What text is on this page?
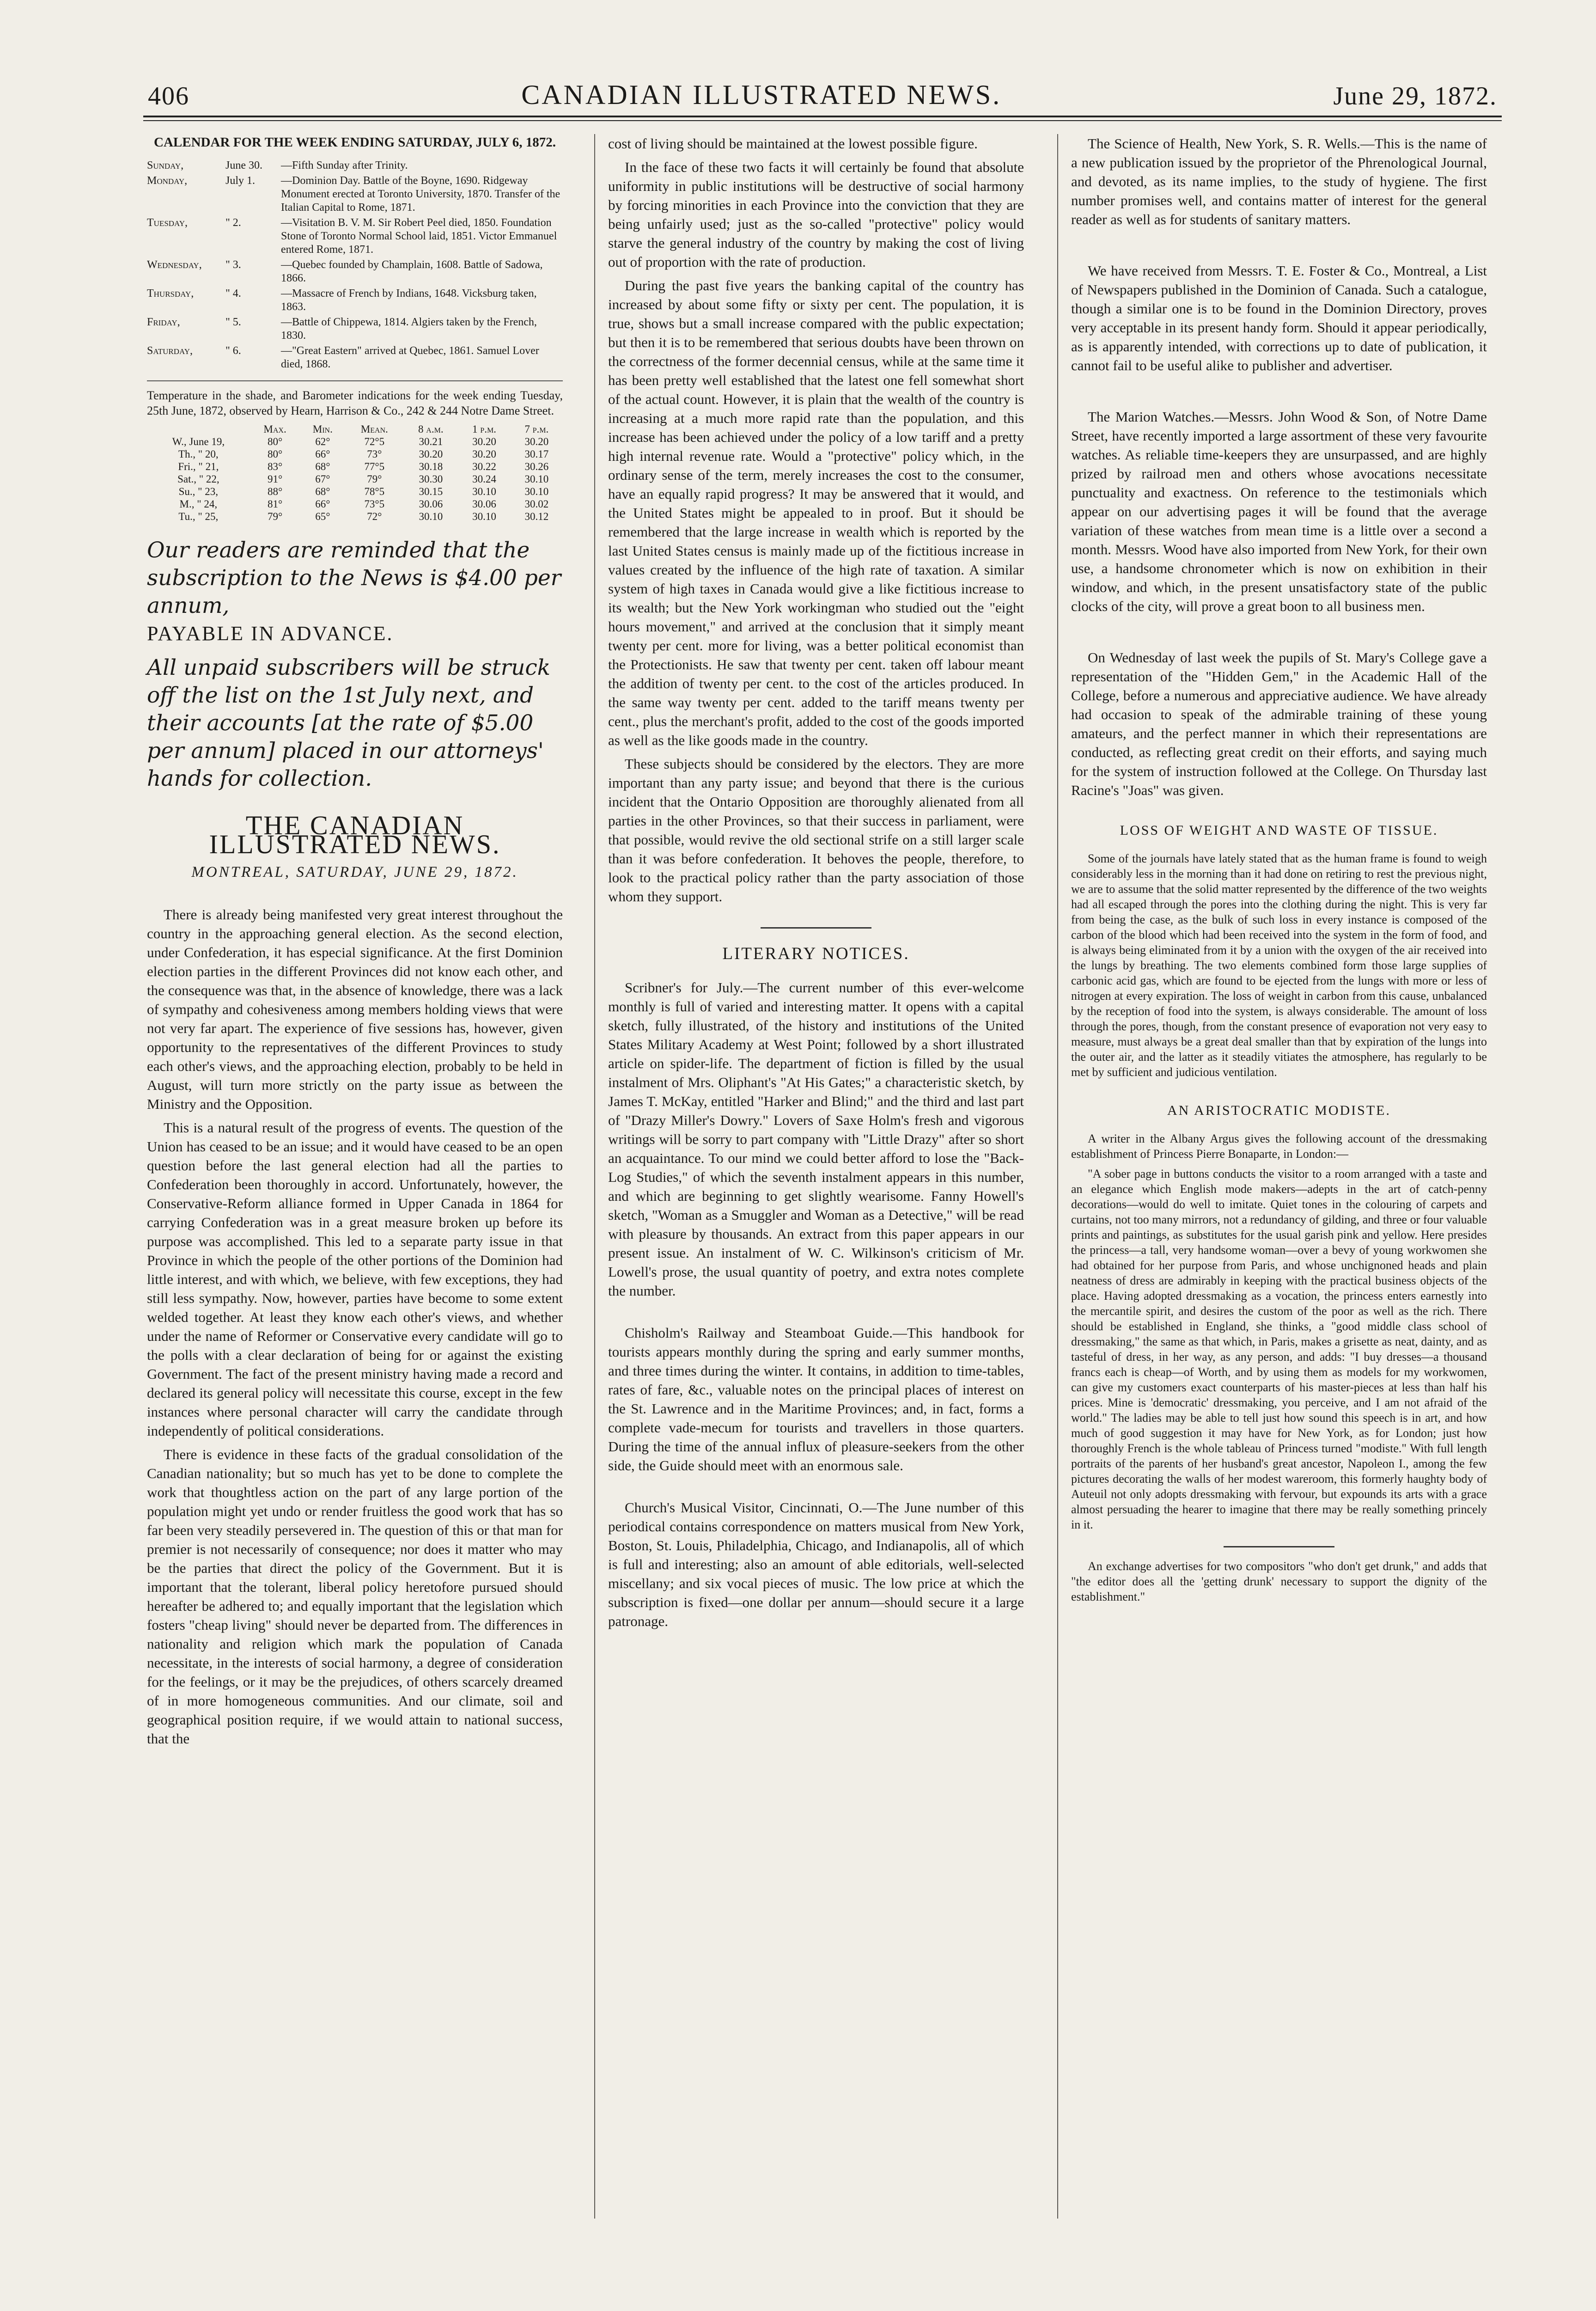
406	CANADIAN ILLUSTRATED NEWS.	June 29, 1872.
CALENDAR FOR THE WEEK ENDING SATURDAY, JULY 6, 1872.
Sunday,	June 30.	—Fifth Sunday after Trinity.
Monday,	July 1.	—Dominion Day. Battle of the Boyne, 1690. Ridgeway Monument erected at Toronto University, 1870. Transfer of the Italian Capital to Rome, 1871.
Tuesday,	" 2.	—Visitation B. V. M. Sir Robert Peel died, 1850. Foundation Stone of Toronto Normal School laid, 1851. Victor Emmanuel entered Rome, 1871.
Wednesday,	" 3.	—Quebec founded by Champlain, 1608. Battle of Sadowa, 1866.
Thursday,	" 4.	—Massacre of French by Indians, 1648. Vicksburg taken, 1863.
Friday,	" 5.	—Battle of Chippewa, 1814. Algiers taken by the French, 1830.
Saturday,	" 6.	—"Great Eastern" arrived at Quebec, 1861. Samuel Lover died, 1868.

Temperature in the shade, and Barometer indications for the week ending Tuesday, 25th June, 1872, observed by Hearn, Harrison & Co., 242 & 244 Notre Dame Street.

	Max.	Min.	Mean.	8 a.m.	1 p.m.	7 p.m.
W., June 19,	80°	62°	72°5	30.21	30.20	30.20
Th., " 20,	80°	66°	73°	30.20	30.20	30.17
Fri., " 21,	83°	68°	77°5	30.18	30.22	30.26
Sat., " 22,	91°	67°	79°	30.30	30.24	30.10
Su., " 23,	88°	68°	78°5	30.15	30.10	30.10
M., " 24,	81°	66°	73°5	30.06	30.06	30.02
Tu., " 25,	79°	65°	72°	30.10	30.10	30.12
Our readers are reminded that the subscription to the News is $4.00 per annum,
PAYABLE IN ADVANCE.
All unpaid subscribers will be struck off the list on the 1st July next, and their accounts [at the rate of $5.00 per annum] placed in our attorneys' hands for collection.
THE CANADIAN ILLUSTRATED NEWS.
MONTREAL, SATURDAY, JUNE 29, 1872.

There is already being manifested very great interest throughout the country in the approaching general election. As the second election, under Confederation, it has especial significance. At the first Dominion election parties in the different Provinces did not know each other, and the consequence was that, in the absence of knowledge, there was a lack of sympathy and cohesiveness among members holding views that were not very far apart. The experience of five sessions has, however, given opportunity to the representatives of the different Provinces to study each other's views, and the approaching election, probably to be held in August, will turn more strictly on the party issue as between the Ministry and the Opposition.

This is a natural result of the progress of events. The question of the Union has ceased to be an issue; and it would have ceased to be an open question before the last general election had all the parties to Confederation been thoroughly in accord. Unfortunately, however, the Conservative-Reform alliance formed in Upper Canada in 1864 for carrying Confederation was in a great measure broken up before its purpose was accomplished. This led to a separate party issue in that Province in which the people of the other portions of the Dominion had little interest, and with which, we believe, with few exceptions, they had still less sympathy. Now, however, parties have become to some extent welded together. At least they know each other's views, and whether under the name of Reformer or Conservative every candidate will go to the polls with a clear declaration of being for or against the existing Government. The fact of the present ministry having made a record and declared its general policy will necessitate this course, except in the few instances where personal character will carry the candidate through independently of political considerations.

There is evidence in these facts of the gradual consolidation of the Canadian nationality; but so much has yet to be done to complete the work that thoughtless action on the part of any large portion of the population might yet undo or render fruitless the good work that has so far been very steadily persevered in. The question of this or that man for premier is not necessarily of consequence; nor does it matter who may be the parties that direct the policy of the Government. But it is important that the tolerant, liberal policy heretofore pursued should hereafter be adhered to; and equally important that the legislation which fosters "cheap living" should never be departed from. The differences in nationality and religion which mark the population of Canada necessitate, in the interests of social harmony, a degree of consideration for the feelings, or it may be the prejudices, of others scarcely dreamed of in more homogeneous communities. And our climate, soil and geographical position require, if we would attain to national success, that the

cost of living should be maintained at the lowest possible figure.

In the face of these two facts it will certainly be found that absolute uniformity in public institutions will be destructive of social harmony by forcing minorities in each Province into the conviction that they are being unfairly used; just as the so-called "protective" policy would starve the general industry of the country by making the cost of living out of proportion with the rate of production.

During the past five years the banking capital of the country has increased by about some fifty or sixty per cent. The population, it is true, shows but a small increase compared with the public expectation; but then it is to be remembered that serious doubts have been thrown on the correctness of the former decennial census, while at the same time it has been pretty well established that the latest one fell somewhat short of the actual count. However, it is plain that the wealth of the country is increasing at a much more rapid rate than the population, and this increase has been achieved under the policy of a low tariff and a pretty high internal revenue rate. Would a "protective" policy which, in the ordinary sense of the term, merely increases the cost to the consumer, have an equally rapid progress? It may be answered that it would, and the United States might be appealed to in proof. But it should be remembered that the large increase in wealth which is reported by the last United States census is mainly made up of the fictitious increase in values created by the influence of the high rate of taxation. A similar system of high taxes in Canada would give a like fictitious increase to its wealth; but the New York workingman who studied out the "eight hours movement," and arrived at the conclusion that it simply meant twenty per cent. more for living, was a better political economist than the Protectionists. He saw that twenty per cent. taken off labour meant the addition of twenty per cent. to the cost of the articles produced. In the same way twenty per cent. added to the tariff means twenty per cent., plus the merchant's profit, added to the cost of the goods imported as well as the like goods made in the country.

These subjects should be considered by the electors. They are more important than any party issue; and beyond that there is the curious incident that the Ontario Opposition are thoroughly alienated from all parties in the other Provinces, so that their success in parliament, were that possible, would revive the old sectional strife on a still larger scale than it was before confederation. It behoves the people, therefore, to look to the practical policy rather than the party association of those whom they support.

LITERARY NOTICES.

Scribner's for July.—The current number of this ever-welcome monthly is full of varied and interesting matter. It opens with a capital sketch, fully illustrated, of the history and institutions of the United States Military Academy at West Point; followed by a short illustrated article on spider-life. The department of fiction is filled by the usual instalment of Mrs. Oliphant's "At His Gates;" a characteristic sketch, by James T. McKay, entitled "Harker and Blind;" and the third and last part of "Drazy Miller's Dowry." Lovers of Saxe Holm's fresh and vigorous writings will be sorry to part company with "Little Drazy" after so short an acquaintance. To our mind we could better afford to lose the "Back-Log Studies," of which the seventh instalment appears in this number, and which are beginning to get slightly wearisome. Fanny Howell's sketch, "Woman as a Smuggler and Woman as a Detective," will be read with pleasure by thousands. An extract from this paper appears in our present issue. An instalment of W. C. Wilkinson's criticism of Mr. Lowell's prose, the usual quantity of poetry, and extra notes complete the number.

Chisholm's Railway and Steamboat Guide.—This handbook for tourists appears monthly during the spring and early summer months, and three times during the winter. It contains, in addition to time-tables, rates of fare, &c., valuable notes on the principal places of interest on the St. Lawrence and in the Maritime Provinces; and, in fact, forms a complete vade-mecum for tourists and travellers in those quarters. During the time of the annual influx of pleasure-seekers from the other side, the Guide should meet with an enormous sale.

Church's Musical Visitor, Cincinnati, O.—The June number of this periodical contains correspondence on matters musical from New York, Boston, St. Louis, Philadelphia, Chicago, and Indianapolis, all of which is full and interesting; also an amount of able editorials, well-selected miscellany; and six vocal pieces of music. The low price at which the subscription is fixed—one dollar per annum—should secure it a large patronage.

The Science of Health, New York, S. R. Wells.—This is the name of a new publication issued by the proprietor of the Phrenological Journal, and devoted, as its name implies, to the study of hygiene. The first number promises well, and contains matter of interest for the general reader as well as for students of sanitary matters.

We have received from Messrs. T. E. Foster & Co., Montreal, a List of Newspapers published in the Dominion of Canada. Such a catalogue, though a similar one is to be found in the Dominion Directory, proves very acceptable in its present handy form. Should it appear periodically, as is apparently intended, with corrections up to date of publication, it cannot fail to be useful alike to publisher and advertiser.

The Marion Watches.—Messrs. John Wood & Son, of Notre Dame Street, have recently imported a large assortment of these very favourite watches. As reliable time-keepers they are unsurpassed, and are highly prized by railroad men and others whose avocations necessitate punctuality and exactness. On reference to the testimonials which appear on our advertising pages it will be found that the average variation of these watches from mean time is a little over a second a month. Messrs. Wood have also imported from New York, for their own use, a handsome chronometer which is now on exhibition in their window, and which, in the present unsatisfactory state of the public clocks of the city, will prove a great boon to all business men.

On Wednesday of last week the pupils of St. Mary's College gave a representation of the "Hidden Gem," in the Academic Hall of the College, before a numerous and appreciative audience. We have already had occasion to speak of the admirable training of these young amateurs, and the perfect manner in which their representations are conducted, as reflecting great credit on their efforts, and saying much for the system of instruction followed at the College. On Thursday last Racine's "Joas" was given.

LOSS OF WEIGHT AND WASTE OF TISSUE.

Some of the journals have lately stated that as the human frame is found to weigh considerably less in the morning than it had done on retiring to rest the previous night, we are to assume that the solid matter represented by the difference of the two weights had all escaped through the pores into the clothing during the night. This is very far from being the case, as the bulk of such loss in every instance is composed of the carbon of the blood which had been received into the system in the form of food, and is always being eliminated from it by a union with the oxygen of the air received into the lungs by breathing. The two elements combined form those large supplies of carbonic acid gas, which are found to be ejected from the lungs with more or less of nitrogen at every expiration. The loss of weight in carbon from this cause, unbalanced by the reception of food into the system, is always considerable. The amount of loss through the pores, though, from the constant presence of evaporation not very easy to measure, must always be a great deal smaller than that by expiration of the lungs into the outer air, and the latter as it steadily vitiates the atmosphere, has regularly to be met by sufficient and judicious ventilation.

AN ARISTOCRATIC MODISTE.

A writer in the Albany Argus gives the following account of the dressmaking establishment of Princess Pierre Bonaparte, in London:—

"A sober page in buttons conducts the visitor to a room arranged with a taste and an elegance which English mode makers—adepts in the art of catch-penny decorations—would do well to imitate. Quiet tones in the colouring of carpets and curtains, not too many mirrors, not a redundancy of gilding, and three or four valuable prints and paintings, as substitutes for the usual garish pink and yellow. Here presides the princess—a tall, very handsome woman—over a bevy of young workwomen she had obtained for her purpose from Paris, and whose unchignoned heads and plain neatness of dress are admirably in keeping with the practical business objects of the place. Having adopted dressmaking as a vocation, the princess enters earnestly into the mercantile spirit, and desires the custom of the poor as well as the rich. There should be established in England, she thinks, a "good middle class school of dressmaking," the same as that which, in Paris, makes a grisette as neat, dainty, and as tasteful of dress, in her way, as any person, and adds: "I buy dresses—a thousand francs each is cheap—of Worth, and by using them as models for my workwomen, can give my customers exact counterparts of his master-pieces at less than half his prices. Mine is 'democratic' dressmaking, you perceive, and I am not afraid of the world." The ladies may be able to tell just how sound this speech is in art, and how much of good suggestion it may have for New York, as for London; just how thoroughly French is the whole tableau of Princess turned "modiste." With full length portraits of the parents of her husband's great ancestor, Napoleon I., among the few pictures decorating the walls of her modest wareroom, this formerly haughty body of Auteuil not only adopts dressmaking with fervour, but expounds its arts with a grace almost persuading the hearer to imagine that there may be really something princely in it.

An exchange advertises for two compositors "who don't get drunk," and adds that "the editor does all the 'getting drunk' necessary to support the dignity of the establishment."
